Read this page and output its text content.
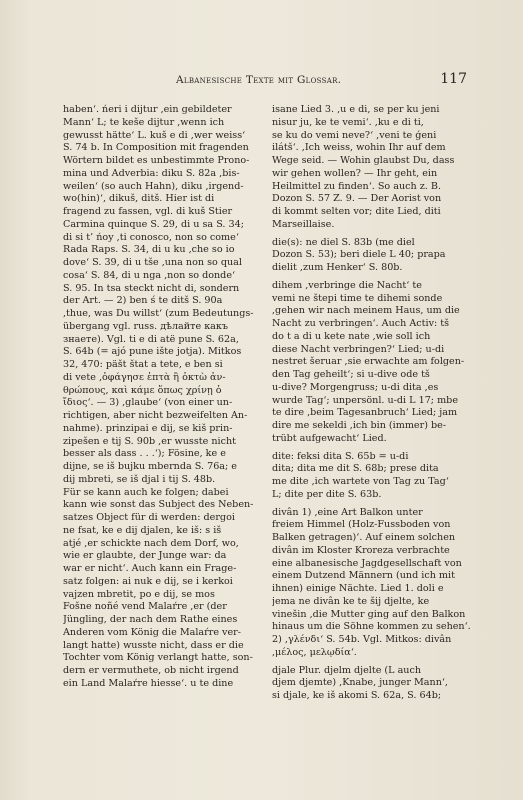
Albanesische Texte mit Glossar.	117
haben‘. ńeri i dijtur ,ein gebildeter
Mann‘ L; te keše dijtur ,wenn ich
gewusst hätte‘ L. kuš e di ,wer weiss‘
S. 74 b. In Composition mit fragenden
Wörtern bildet es unbestimmte Prono-
mina und Adverbia: diku S. 82a ,bis-
weilen‘ (so auch Hahn), diku ,irgend-
wo(hin)‘, dikuš, ditš. Hier ist di
fragend zu fassen, vgl. di kuš Stier
Carmina quinque S. 29, di u sa S. 34;
di si t’ ńoy ,ti conosco, non so come‘
Rada Raps. S. 34, di u ku ,che so io
dove‘ S. 39, di u tše ,una non so qual
cosa‘ S. 84, di u nga ,non so donde‘
S. 95. In tsa steckt nicht di, sondern
der Art. — 2) ben ś te ditš S. 90a
,thue, was Du willst‘ (zum Bedeutungs-
übergang vgl. russ. дѣлайте какъ
знаете). Vgl. ti e di atë pune S. 62a,
S. 64b (= ajó pune ište jotja). Mitkos
32, 470: päšt štat a tete, e ben si
di vete ,ὀφάγησε ἑπτὰ ἢ ὀκτὼ ἀν-
θρώπους, καὶ κάμε ὅπως χρίνῃ ὁ
ἴδιος‘. — 3) ,glaube‘ (von einer un-
richtigen, aber nicht bezweifelten An-
nahme). prinzipai e dij, se kiš prin-
zipešen e tij S. 90b ,er wusste nicht
besser als dass . . .‘); Fösine, ke e
dijne, se iš bujku mbernda S. 76a; e
dij mbreti, se iš djal i tij S. 48b.
Für se kann auch ke folgen; dabei
kann wie sonst das Subject des Neben-
satzes Object für di werden: dergoi
ne fsat, ke e dij djalen, ke iš: s iš
atjé ,er schickte nach dem Dorf, wo,
wie er glaubte, der Junge war: da
war er nicht‘. Auch kann ein Frage-
satz folgen: ai nuk e dij, se i kerkoi
vajzen mbretit, po e dij, se mos
Fošne noñé vend Malaŕre ,er (der
Jüngling, der nach dem Rathe eines
Anderen vom König die Malaŕre ver-
langt hatte) wusste nicht, dass er die
Tochter vom König verlangt hatte, son-
dern er vermuthete, ob nicht irgend
ein Land Malaŕre hiesse‘. u te dine
isane Lied 3. ,u e di, se per ku jeni
nisur ju, ke te vemi‘. ,ku e di ti,
se ku do vemi neve?‘ ,veni te ǵeni
ilátš‘. ,Ich weiss, wohin Ihr auf dem
Wege seid. — Wohin glaubst Du, dass
wir gehen wollen? — Ihr geht, ein
Heilmittel zu finden‘. So auch z. B.
Dozon S. 57 Z. 9. — Der Aorist von
di kommt selten vor; dite Lied, diti
Marseillaise.
die(s): ne diel S. 83b (me diel
Dozon S. 53); beri diele L 40; prapa
dielit ,zum Henker‘ S. 80b.
dihem ,verbringe die Nacht‘ te
vemi ne štepi time te dihemi sonde
,gehen wir nach meinem Haus, um die
Nacht zu verbringen‘. Auch Activ: tš
do t a di u kete nate ,wie soll ich
diese Nacht verbringen?‘ Lied; u-di
nestret šeruar ,sie erwachte am folgen-
den Tag geheilt‘; si u-dive ode tš
u-dive? Morgengruss; u-di dita ,es
wurde Tag‘; unpersönl. u-di L 17; mbe
te dire ,beim Tagesanbruch‘ Lied; jam
dire me sekeldi ,ich bin (immer) be-
trübt aufgewacht‘ Lied.
dite: feksi dita S. 65b = u-di
dita; dita me dit S. 68b; prese dita
me dite ,ich wartete von Tag zu Tag‘
L; dite per dite S. 63b.
divân 1) ,eine Art Balkon unter
freiem Himmel (Holz-Fussboden von
Balken getragen)‘. Auf einem solchen
divân im Kloster Kroreza verbrachte
eine albanesische Jagdgesellschaft von
einem Dutzend Männern (und ich mit
ihnen) einige Nächte. Lied 1. doli e
jema ne divân ke te šij djelte, ke
vinešin ,die Mutter ging auf den Balkon
hinaus um die Söhne kommen zu sehen‘.
2) ,γλένδι‘ S. 54b. Vgl. Mitkos: divân
,μέλος, μελῳδία‘.
djale Plur. djelm djelte (L auch
djem djemte) ,Knabe, junger Mann‘,
si djale, ke iš akomi S. 62a, S. 64b;
